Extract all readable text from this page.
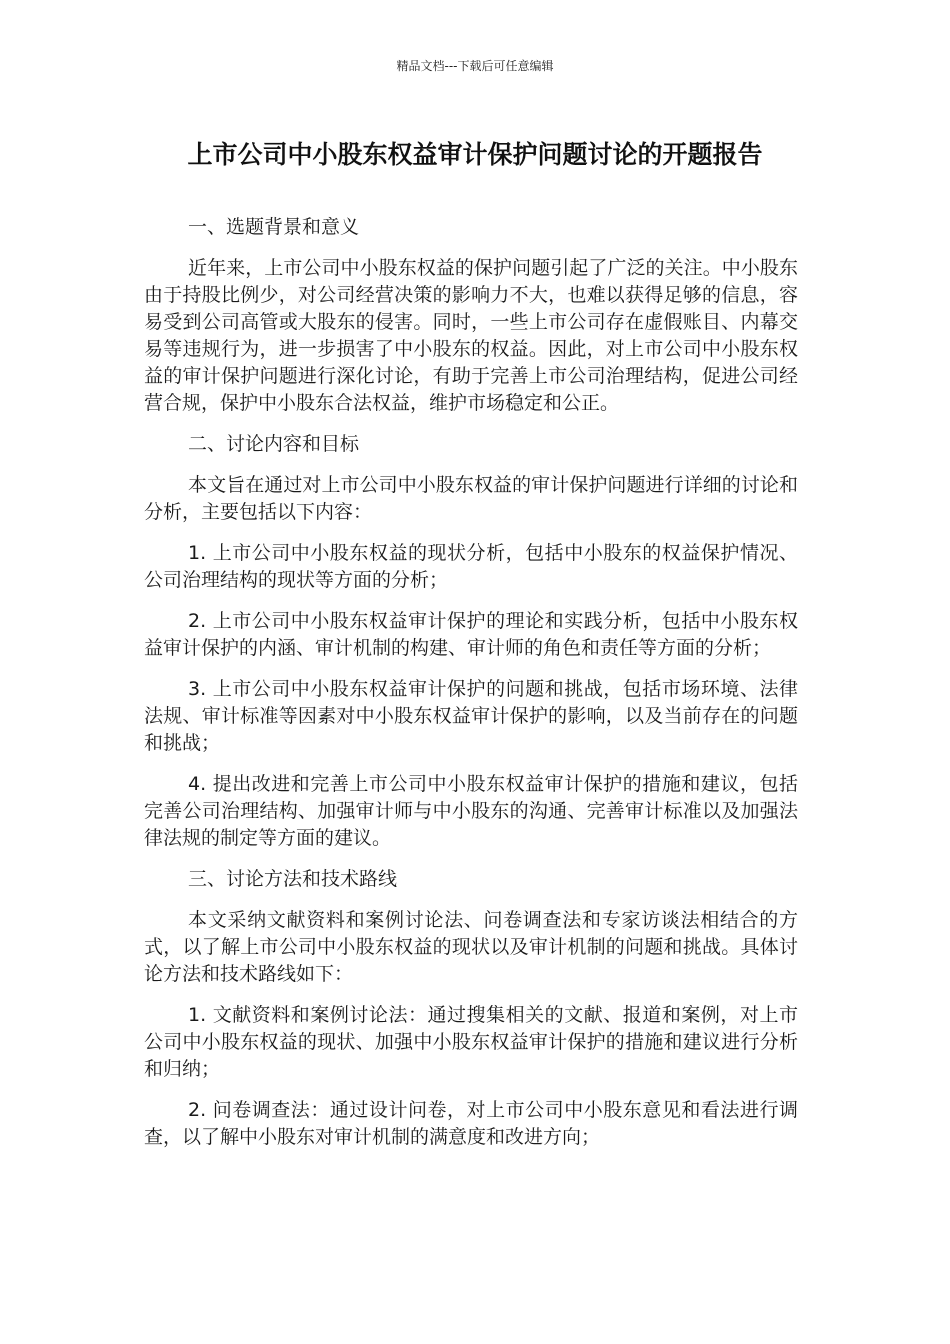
精品文档---下载后可任意编辑
上市公司中小股东权益审计保护问题讨论的开题报告

一、选题背景和意义

近年来，上市公司中小股东权益的保护问题引起了广泛的关注。中小股东由于持股比例少，对公司经营决策的影响力不大，也难以获得足够的信息，容易受到公司高管或大股东的侵害。同时，一些上市公司存在虚假账目、内幕交易等违规行为，进一步损害了中小股东的权益。因此，对上市公司中小股东权益的审计保护问题进行深化讨论，有助于完善上市公司治理结构，促进公司经营合规，保护中小股东合法权益，维护市场稳定和公正。

二、讨论内容和目标

本文旨在通过对上市公司中小股东权益的审计保护问题进行详细的讨论和分析，主要包括以下内容：

1. 上市公司中小股东权益的现状分析，包括中小股东的权益保护情况、公司治理结构的现状等方面的分析；

2. 上市公司中小股东权益审计保护的理论和实践分析，包括中小股东权益审计保护的内涵、审计机制的构建、审计师的角色和责任等方面的分析；

3. 上市公司中小股东权益审计保护的问题和挑战，包括市场环境、法律法规、审计标准等因素对中小股东权益审计保护的影响，以及当前存在的问题和挑战；

4. 提出改进和完善上市公司中小股东权益审计保护的措施和建议，包括完善公司治理结构、加强审计师与中小股东的沟通、完善审计标准以及加强法律法规的制定等方面的建议。

三、讨论方法和技术路线

本文采纳文献资料和案例讨论法、问卷调查法和专家访谈法相结合的方式，以了解上市公司中小股东权益的现状以及审计机制的问题和挑战。具体讨论方法和技术路线如下：

1. 文献资料和案例讨论法：通过搜集相关的文献、报道和案例，对上市公司中小股东权益的现状、加强中小股东权益审计保护的措施和建议进行分析和归纳；

2. 问卷调查法：通过设计问卷，对上市公司中小股东意见和看法进行调查，以了解中小股东对审计机制的满意度和改进方向；
